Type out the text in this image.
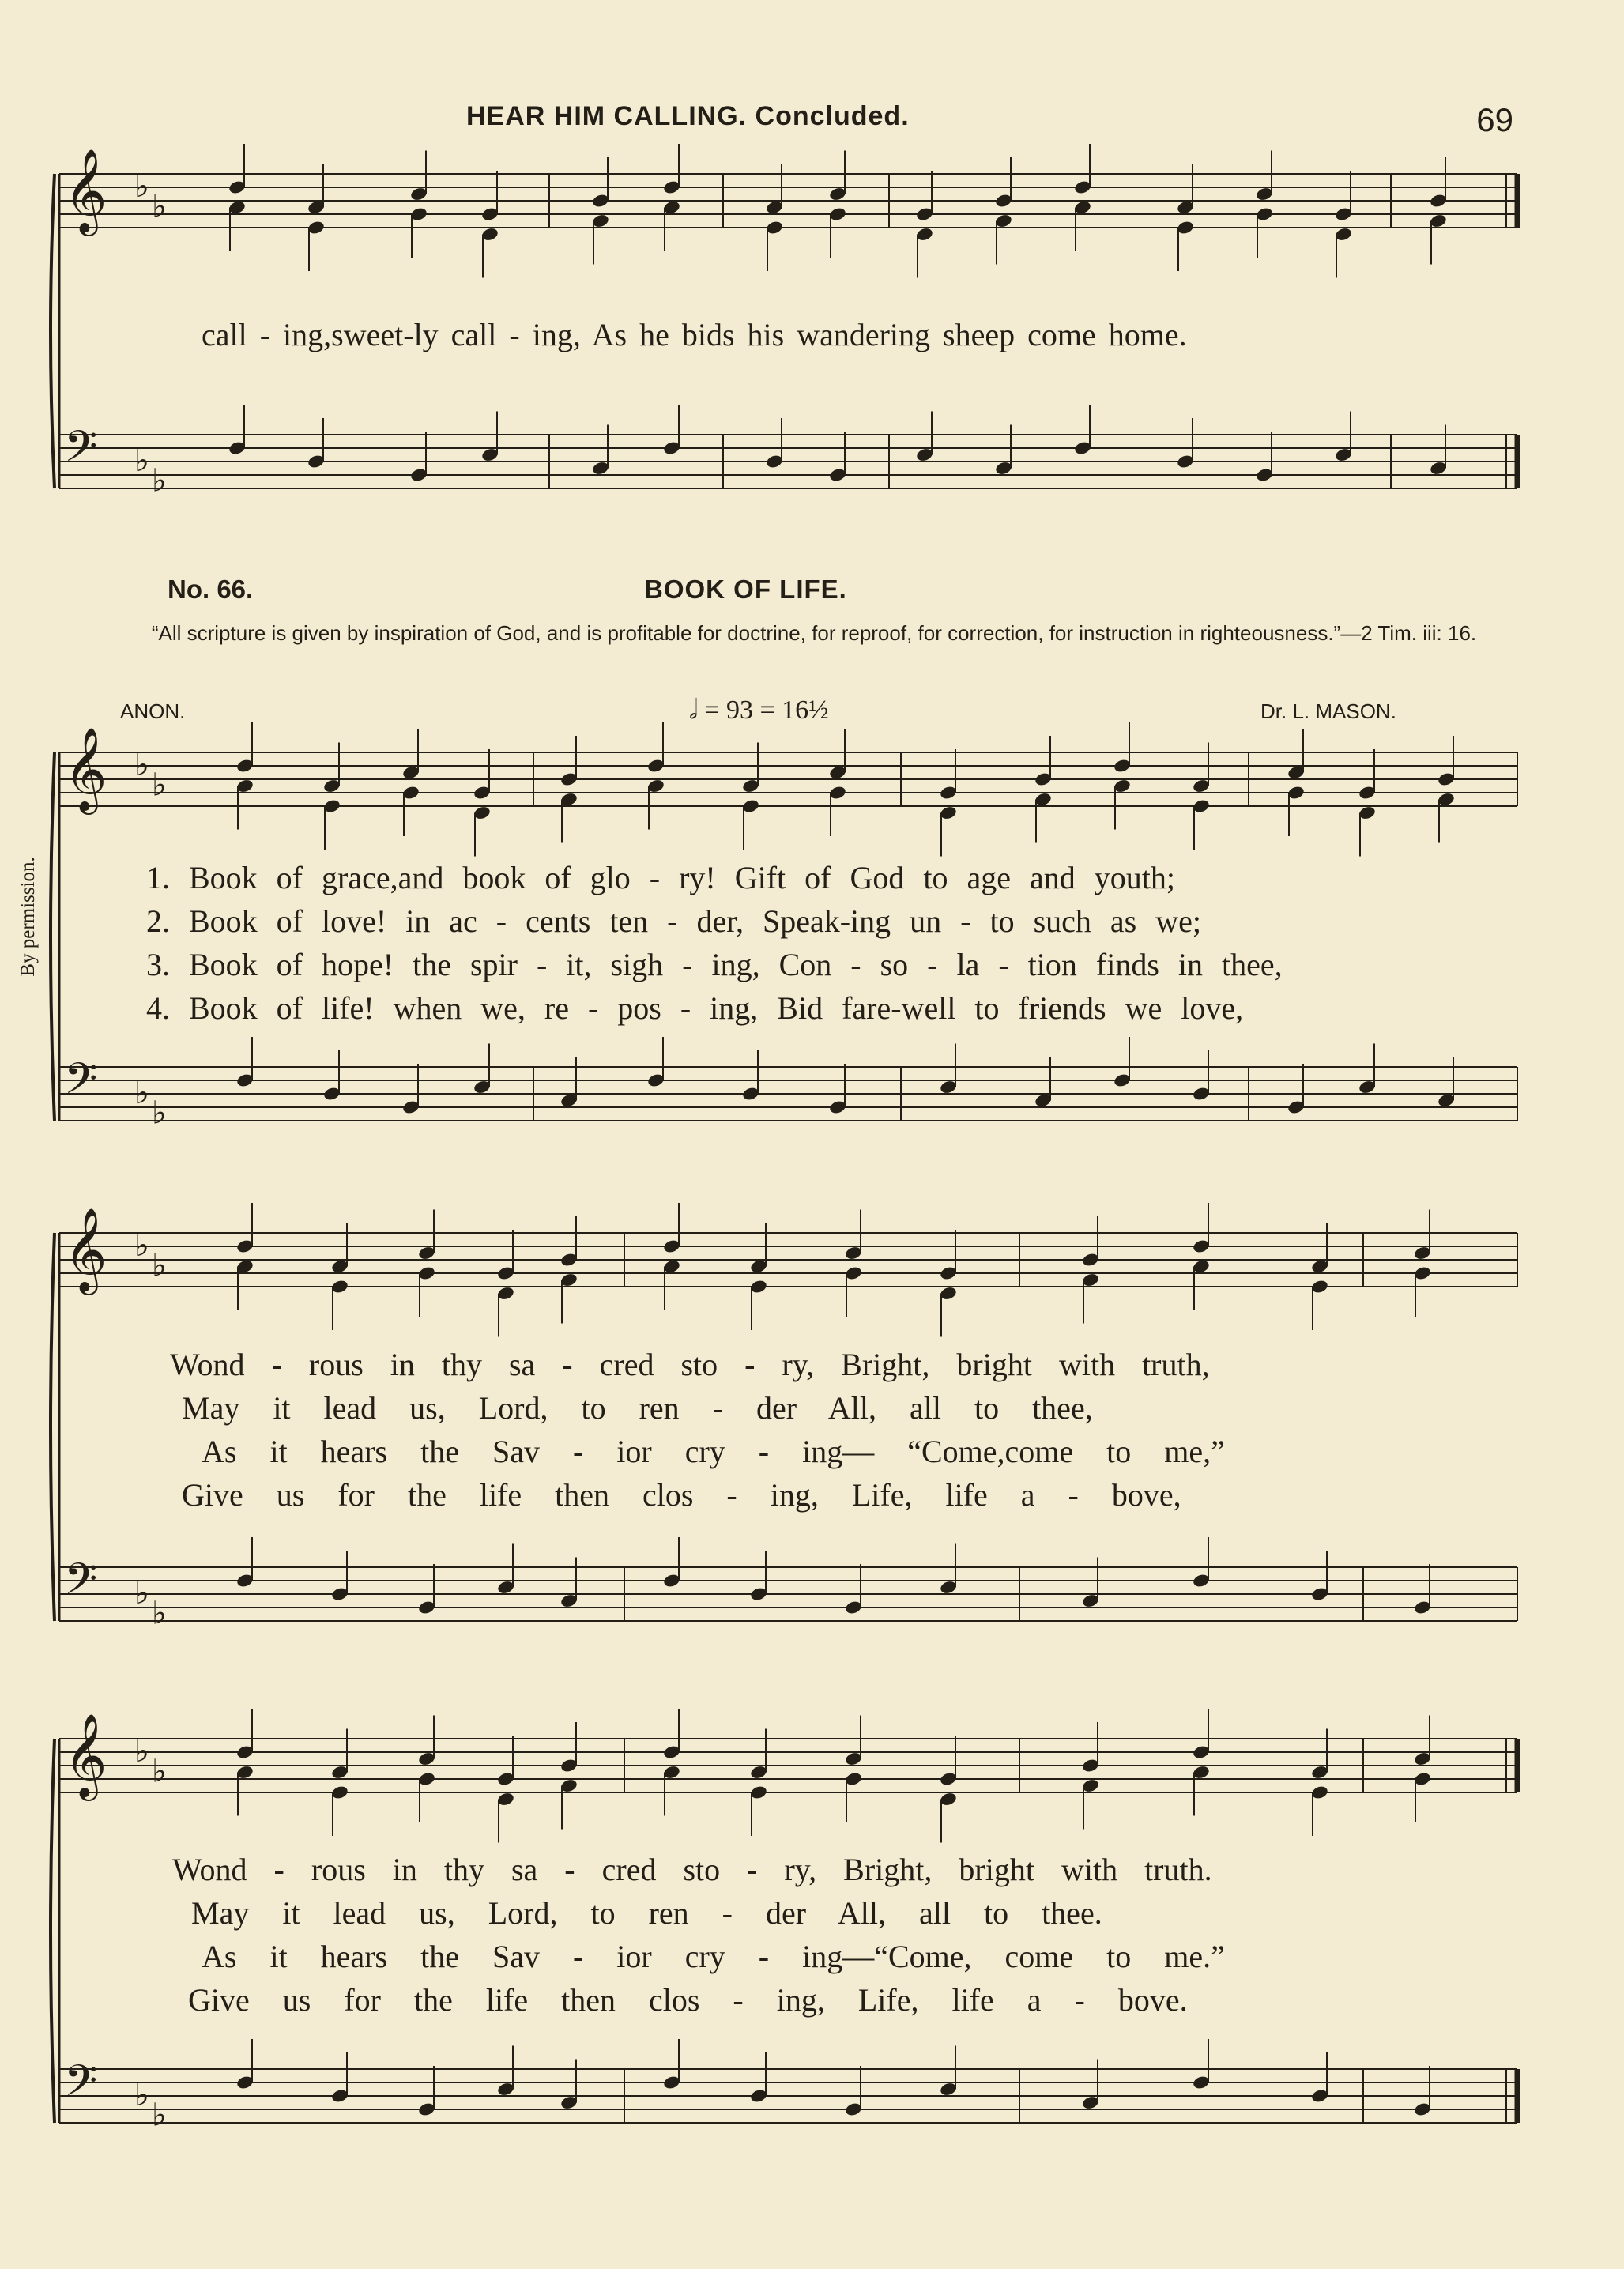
HEAR HIM CALLING. Concluded.	69
𝄞
𝄢
♭
♭
♭
♭
𝄞
𝄢
♭
♭
♭
♭
𝄞
𝄢
♭
♭
♭
♭
𝄞
𝄢
♭
♭
♭
♭
No. 66.	BOOK OF LIFE.
“All scripture is given by inspiration of God, and is profitable for doctrine, for reproof, for correction, for instruction in righteousness.”—2 Tim. iii: 16.
ANON.	𝅗𝅥 = 93 = 16½	Dr. L. MASON.
By permission.
call - ing,sweet-ly call - ing, As he bids his wandering sheep come home.
1. Book of grace,and book of glo - ry! Gift of God to age and youth;
2. Book of love! in ac - cents ten - der, Speak-ing un - to such as we;
3. Book of hope! the spir - it, sigh - ing, Con - so - la - tion finds in thee,
4. Book of life! when we, re - pos - ing, Bid fare-well to friends we love,
Wond - rous in thy sa - cred sto - ry, Bright, bright with truth,
May it lead us, Lord, to ren - der All, all to thee,
As it hears the Sav - ior cry - ing— “Come,come to me,”
Give us for the life then clos - ing, Life, life a - bove,
Wond - rous in thy sa - cred sto - ry, Bright, bright with truth.
May it lead us, Lord, to ren - der All, all to thee.
As it hears the Sav - ior cry - ing—“Come, come to me.”
Give us for the life then clos - ing, Life, life a - bove.
